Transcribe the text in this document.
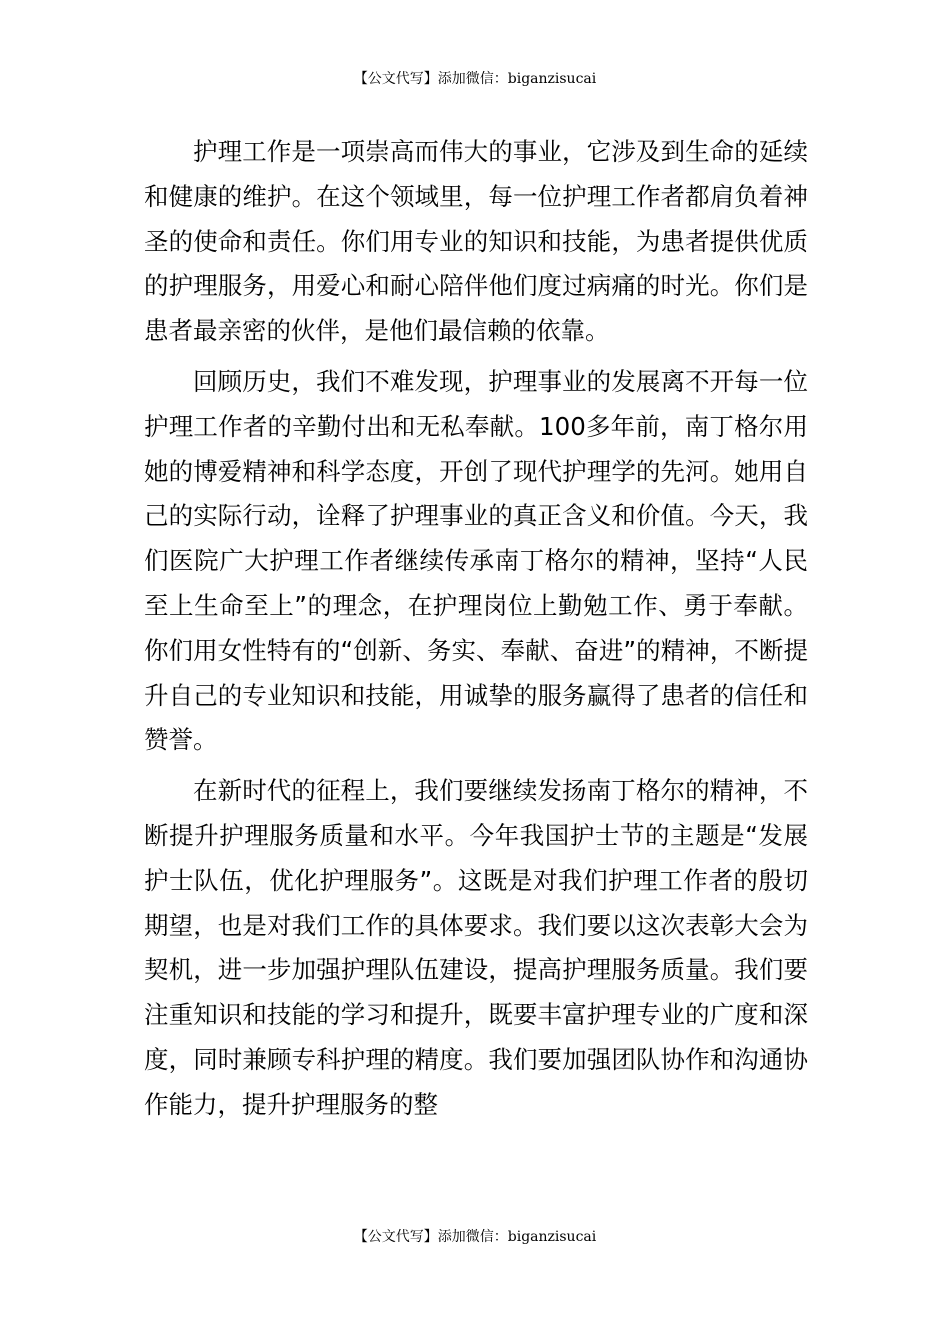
【公文代写】添加微信：biganzisucai

护理工作是一项崇高而伟大的事业，它涉及到生命的延续和健康的维护。在这个领域里，每一位护理工作者都肩负着神圣的使命和责任。你们用专业的知识和技能，为患者提供优质的护理服务，用爱心和耐心陪伴他们度过病痛的时光。你们是患者最亲密的伙伴，是他们最信赖的依靠。

回顾历史，我们不难发现，护理事业的发展离不开每一位护理工作者的辛勤付出和无私奉献。100多年前，南丁格尔用她的博爱精神和科学态度，开创了现代护理学的先河。她用自己的实际行动，诠释了护理事业的真正含义和价值。今天，我们医院广大护理工作者继续传承南丁格尔的精神，坚持“人民至上生命至上”的理念，在护理岗位上勤勉工作、勇于奉献。你们用女性特有的“创新、务实、奉献、奋进”的精神，不断提升自己的专业知识和技能，用诚挚的服务赢得了患者的信任和赞誉。

在新时代的征程上，我们要继续发扬南丁格尔的精神，不断提升护理服务质量和水平。今年我国护士节的主题是“发展护士队伍，优化护理服务”。这既是对我们护理工作者的殷切期望，也是对我们工作的具体要求。我们要以这次表彰大会为契机，进一步加强护理队伍建设，提高护理服务质量。我们要注重知识和技能的学习和提升，既要丰富护理专业的广度和深度，同时兼顾专科护理的精度。我们要加强团队协作和沟通协作能力，提升护理服务的整

【公文代写】添加微信：biganzisucai
